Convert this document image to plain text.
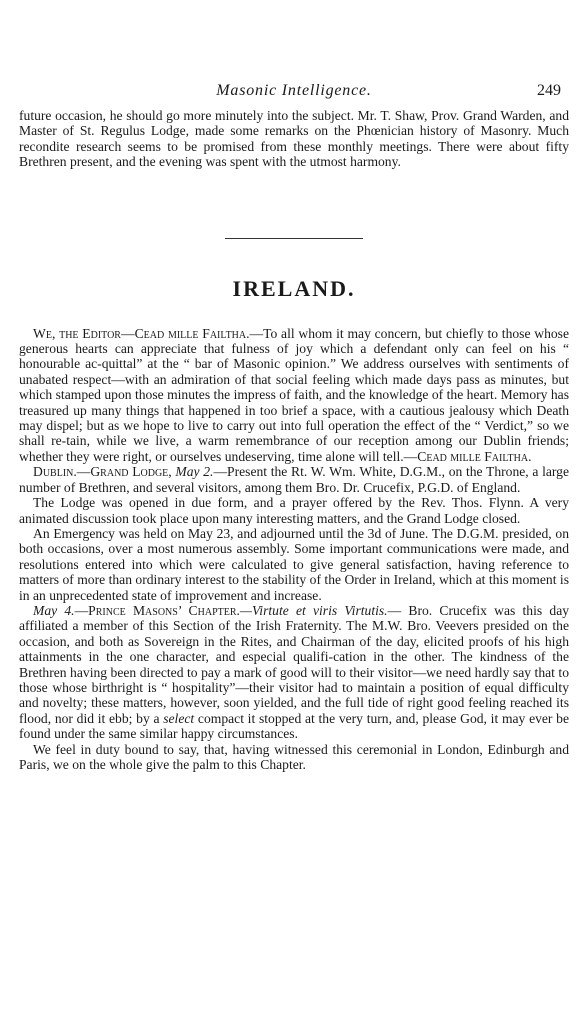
Masonic Intelligence.	249

future occasion, he should go more minutely into the subject. Mr. T. Shaw, Prov. Grand Warden, and Master of St. Regulus Lodge, made some remarks on the Phœnician history of Masonry. Much recondite research seems to be promised from these monthly meetings. There were about fifty Brethren present, and the evening was spent with the utmost harmony.

IRELAND.

We, the Editor—Cead mille Failtha.—To all whom it may concern, but chiefly to those whose generous hearts can appreciate that fulness of joy which a defendant only can feel on his “ honourable ac-quittal” at the “ bar of Masonic opinion.” We address ourselves with sentiments of unabated respect—with an admiration of that social feeling which made days pass as minutes, but which stamped upon those minutes the impress of faith, and the knowledge of the heart. Memory has treasured up many things that happened in too brief a space, with a cautious jealousy which Death may dispel; but as we hope to live to carry out into full operation the effect of the “ Verdict,” so we shall re-tain, while we live, a warm remembrance of our reception among our Dublin friends; whether they were right, or ourselves undeserving, time alone will tell.—Cead mille Failtha.

Dublin.—Grand Lodge, May 2.—Present the Rt. W. Wm. White, D.G.M., on the Throne, a large number of Brethren, and several visitors, among them Bro. Dr. Crucefix, P.G.D. of England.

The Lodge was opened in due form, and a prayer offered by the Rev. Thos. Flynn. A very animated discussion took place upon many interesting matters, and the Grand Lodge closed.

An Emergency was held on May 23, and adjourned until the 3d of June. The D.G.M. presided, on both occasions, over a most numerous assembly. Some important communications were made, and resolutions entered into which were calculated to give general satisfaction, having reference to matters of more than ordinary interest to the stability of the Order in Ireland, which at this moment is in an unprecedented state of improvement and increase.

May 4.—Prince Masons’ Chapter.—Virtute et viris Virtutis.— Bro. Crucefix was this day affiliated a member of this Section of the Irish Fraternity. The M.W. Bro. Veevers presided on the occasion, and both as Sovereign in the Rites, and Chairman of the day, elicited proofs of his high attainments in the one character, and especial qualifi-cation in the other. The kindness of the Brethren having been directed to pay a mark of good will to their visitor—we need hardly say that to those whose birthright is “ hospitality”—their visitor had to maintain a position of equal difficulty and novelty; these matters, however, soon yielded, and the full tide of right good feeling reached its flood, nor did it ebb; by a select compact it stopped at the very turn, and, please God, it may ever be found under the same similar happy circumstances.

We feel in duty bound to say, that, having witnessed this ceremonial in London, Edinburgh and Paris, we on the whole give the palm to this Chapter.
